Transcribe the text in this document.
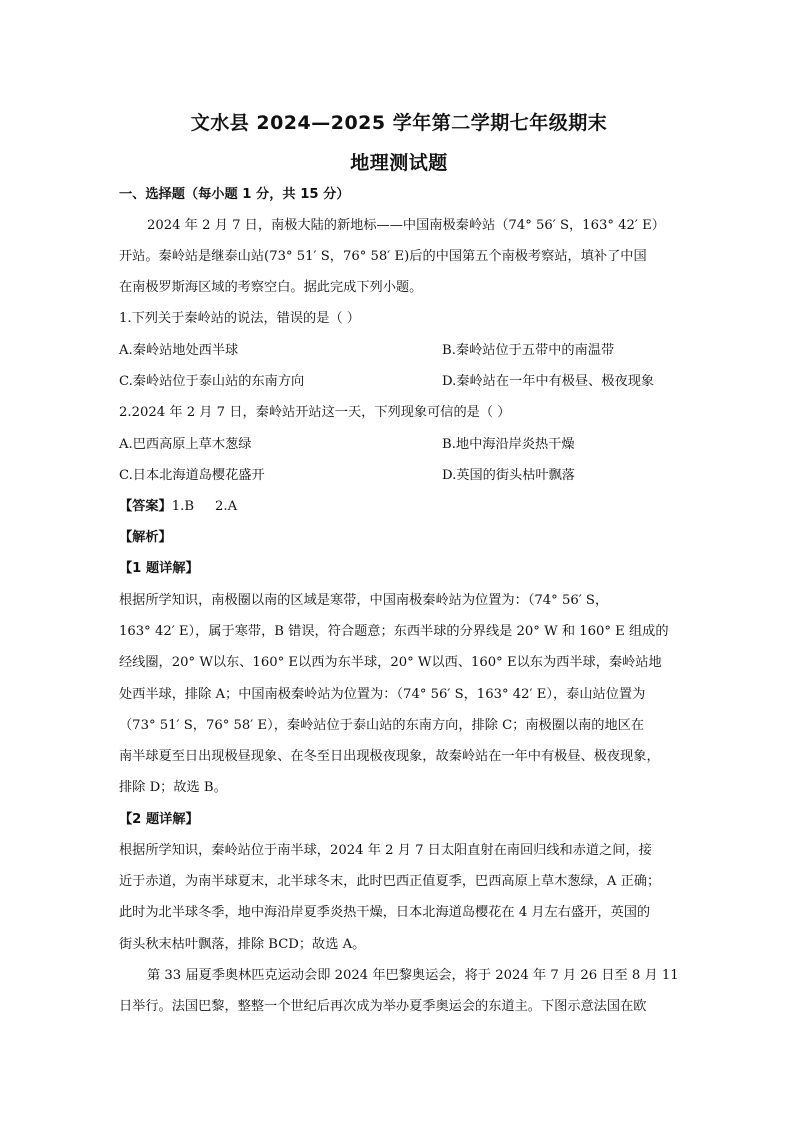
文水县 2024—2025 学年第二学期七年级期末
地理测试题
一、选择题（每小题 1 分，共 15 分）
2024 年 2 月 7 日，南极大陆的新地标——中国南极秦岭站（74° 56′ S，163° 42′ E）
开站。秦岭站是继泰山站(73° 51′ S，76° 58′ E)后的中国第五个南极考察站，填补了中国
在南极罗斯海区域的考察空白。据此完成下列小题。
1.下列关于秦岭站的说法，错误的是（ ）
A.秦岭站地处西半球	B.秦岭站位于五带中的南温带
C.秦岭站位于泰山站的东南方向	D.秦岭站在一年中有极昼、极夜现象
2.2024 年 2 月 7 日，秦岭站开站这一天，下列现象可信的是（ ）
A.巴西高原上草木葱绿	B.地中海沿岸炎热干燥
C.日本北海道岛樱花盛开	D.英国的街头枯叶飘落
【答案】1.B     2.A
【解析】
【1 题详解】
根据所学知识，南极圈以南的区域是寒带，中国南极秦岭站为位置为：（74° 56′ S，
163° 42′ E），属于寒带，B 错误，符合题意；东西半球的分界线是 20° W 和 160° E 组成的
经线圈，20° W以东、160° E以西为东半球，20° W以西、160° E以东为西半球，秦岭站地
处西半球，排除 A；中国南极秦岭站为位置为：（74° 56′ S，163° 42′ E），泰山站位置为
（73° 51′ S，76° 58′ E），秦岭站位于泰山站的东南方向，排除 C；南极圈以南的地区在
南半球夏至日出现极昼现象、在冬至日出现极夜现象，故秦岭站在一年中有极昼、极夜现象，
排除 D；故选 B。
【2 题详解】
根据所学知识，秦岭站位于南半球，2024 年 2 月 7 日太阳直射在南回归线和赤道之间，接
近于赤道，为南半球夏末，北半球冬末，此时巴西正值夏季，巴西高原上草木葱绿，A 正确；
此时为北半球冬季，地中海沿岸夏季炎热干燥，日本北海道岛樱花在 4 月左右盛开，英国的
街头秋末枯叶飘落，排除 BCD；故选 A。
第 33 届夏季奥林匹克运动会即 2024 年巴黎奥运会，将于 2024 年 7 月 26 日至 8 月 11
日举行。法国巴黎，整整一个世纪后再次成为举办夏季奥运会的东道主。下图示意法国在欧
